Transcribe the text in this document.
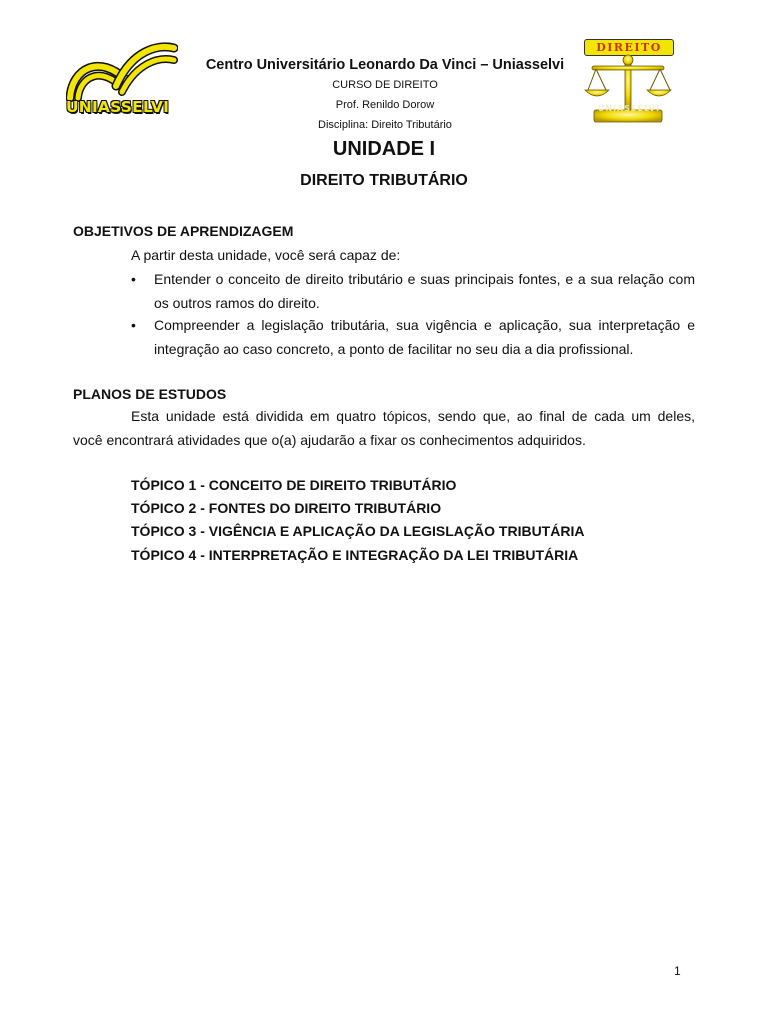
UNIASSELVI
DIREITO
UNIASSELVI
Centro Universitário Leonardo Da Vinci – Uniasselvi
CURSO DE DIREITO
Prof. Renildo Dorow
Disciplina: Direito Tributário
UNIDADE I
DIREITO TRIBUTÁRIO
OBJETIVOS DE APRENDIZAGEM
A partir desta unidade, você será capaz de:
• Entender o conceito de direito tributário e suas principais fontes, e a sua relação com
os outros ramos do direito.
• Compreender a legislação tributária, sua vigência e aplicação, sua interpretação e
integração ao caso concreto, a ponto de facilitar no seu dia a dia profissional.
PLANOS DE ESTUDOS
Esta unidade está dividida em quatro tópicos, sendo que, ao final de cada um deles,
você encontrará atividades que o(a) ajudarão a fixar os conhecimentos adquiridos.
TÓPICO 1 - CONCEITO DE DIREITO TRIBUTÁRIO
TÓPICO 2 - FONTES DO DIREITO TRIBUTÁRIO
TÓPICO 3 - VIGÊNCIA E APLICAÇÃO DA LEGISLAÇÃO TRIBUTÁRIA
TÓPICO 4 - INTERPRETAÇÃO E INTEGRAÇÃO DA LEI TRIBUTÁRIA
1
